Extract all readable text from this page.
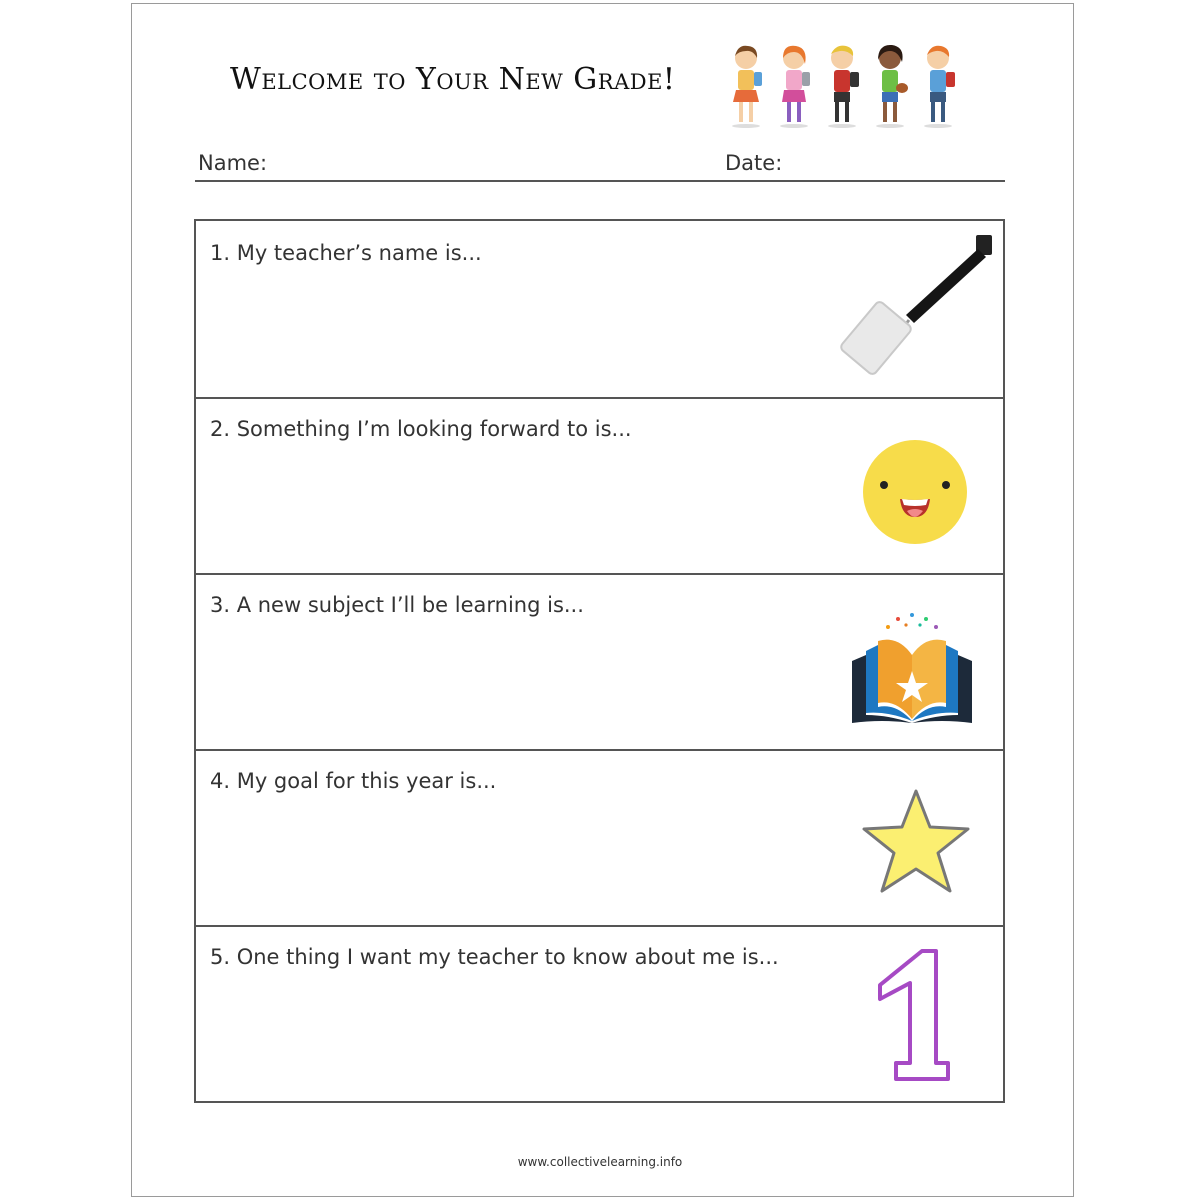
Welcome to Your New Grade!
Name:	Date:
1. My teacher’s name is...
2. Something I’m looking forward to is...
3. A new subject I’ll be learning is...
4. My goal for this year is...
5. One thing I want my teacher to know about me is...
www.collectivelearning.info
